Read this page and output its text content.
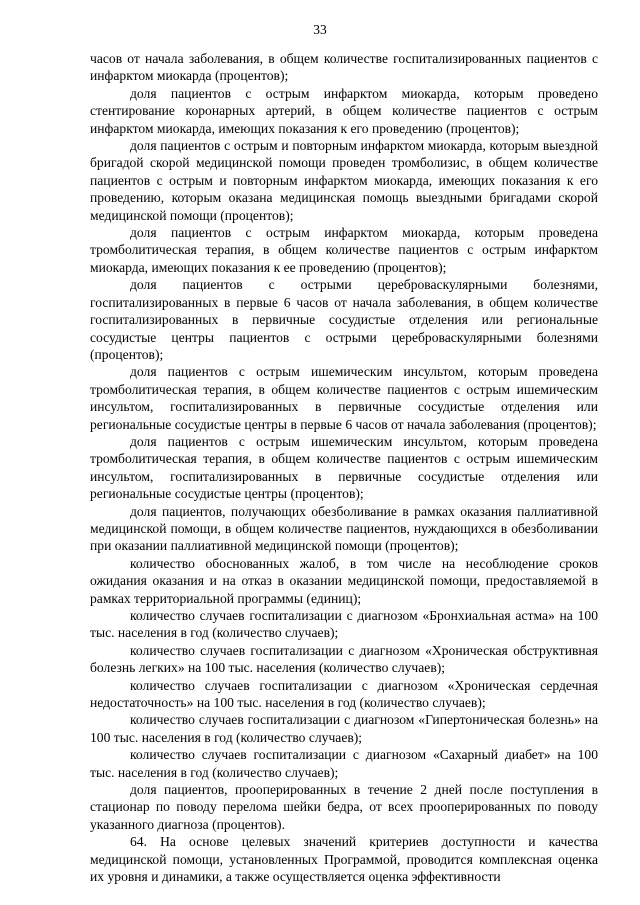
33

часов от начала заболевания, в общем количестве госпитализированных пациентов с инфарктом миокарда (процентов);

доля пациентов с острым инфарктом миокарда, которым проведено стентирование коронарных артерий, в общем количестве пациентов с острым инфарктом миокарда, имеющих показания к его проведению (процентов);

доля пациентов с острым и повторным инфарктом миокарда, которым выездной бригадой скорой медицинской помощи проведен тромболизис, в общем количестве пациентов с острым и повторным инфарктом миокарда, имеющих показания к его проведению, которым оказана медицинская помощь выездными бригадами скорой медицинской помощи (процентов);

доля пациентов с острым инфарктом миокарда, которым проведена тромболитическая терапия, в общем количестве пациентов с острым инфарктом миокарда, имеющих показания к ее проведению (процентов);

доля пациентов с острыми цереброваскулярными болезнями, госпитализированных в первые 6 часов от начала заболевания, в общем количестве госпитализированных в первичные сосудистые отделения или региональные сосудистые центры пациентов с острыми цереброваскулярными болезнями (процентов);

доля пациентов с острым ишемическим инсультом, которым проведена тромболитическая терапия, в общем количестве пациентов с острым ишемическим инсультом, госпитализированных в первичные сосудистые отделения или региональные сосудистые центры в первые 6 часов от начала заболевания (процентов);

доля пациентов с острым ишемическим инсультом, которым проведена тромболитическая терапия, в общем количестве пациентов с острым ишемическим инсультом, госпитализированных в первичные сосудистые отделения или региональные сосудистые центры (процентов);

доля пациентов, получающих обезболивание в рамках оказания паллиативной медицинской помощи, в общем количестве пациентов, нуждающихся в обезболивании при оказании паллиативной медицинской помощи (процентов);

количество обоснованных жалоб, в том числе на несоблюдение сроков ожидания оказания и на отказ в оказании медицинской помощи, предоставляемой в рамках территориальной программы (единиц);

количество случаев госпитализации с диагнозом «Бронхиальная астма» на 100 тыс. населения в год (количество случаев);

количество случаев госпитализации с диагнозом «Хроническая обструктивная болезнь легких» на 100 тыс. населения (количество случаев);

количество случаев госпитализации с диагнозом «Хроническая сердечная недостаточность» на 100 тыс. населения в год (количество случаев);

количество случаев госпитализации с диагнозом «Гипертоническая болезнь» на 100 тыс. населения в год (количество случаев);

количество случаев госпитализации с диагнозом «Сахарный диабет» на 100 тыс. населения в год (количество случаев);

доля пациентов, прооперированных в течение 2 дней после поступления в стационар по поводу перелома шейки бедра, от всех прооперированных по поводу указанного диагноза (процентов).

64. На основе целевых значений критериев доступности и качества медицинской помощи, установленных Программой, проводится комплексная оценка их уровня и динамики, а также осуществляется оценка эффективности
